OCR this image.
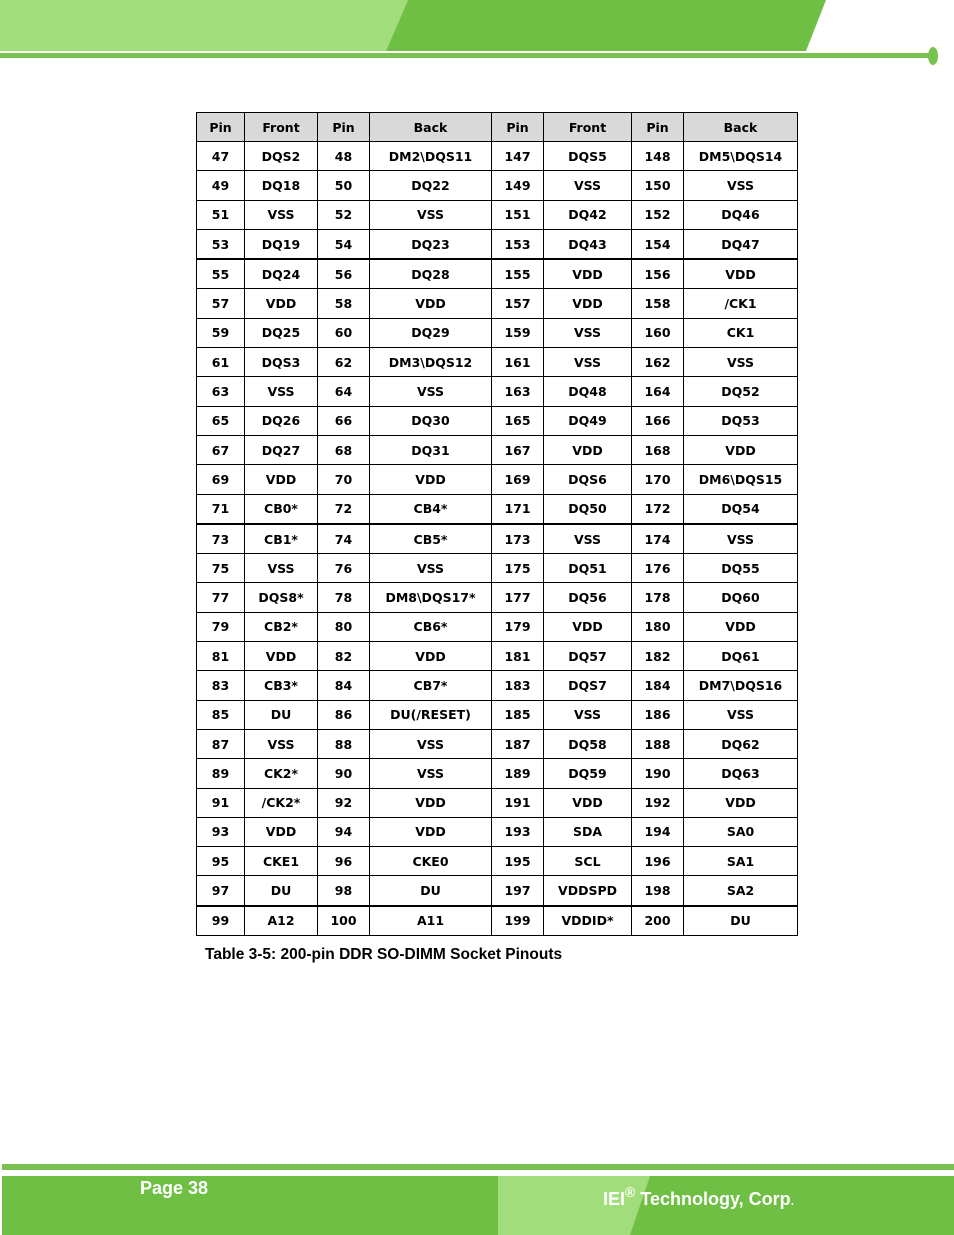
Pin	Front	Pin	Back	Pin	Front	Pin	Back
47	DQS2	48	DM2\DQS11	147	DQS5	148	DM5\DQS14
49	DQ18	50	DQ22	149	VSS	150	VSS
51	VSS	52	VSS	151	DQ42	152	DQ46
53	DQ19	54	DQ23	153	DQ43	154	DQ47
55	DQ24	56	DQ28	155	VDD	156	VDD
57	VDD	58	VDD	157	VDD	158	/CK1
59	DQ25	60	DQ29	159	VSS	160	CK1
61	DQS3	62	DM3\DQS12	161	VSS	162	VSS
63	VSS	64	VSS	163	DQ48	164	DQ52
65	DQ26	66	DQ30	165	DQ49	166	DQ53
67	DQ27	68	DQ31	167	VDD	168	VDD
69	VDD	70	VDD	169	DQS6	170	DM6\DQS15
71	CB0*	72	CB4*	171	DQ50	172	DQ54
73	CB1*	74	CB5*	173	VSS	174	VSS
75	VSS	76	VSS	175	DQ51	176	DQ55
77	DQS8*	78	DM8\DQS17*	177	DQ56	178	DQ60
79	CB2*	80	CB6*	179	VDD	180	VDD
81	VDD	82	VDD	181	DQ57	182	DQ61
83	CB3*	84	CB7*	183	DQS7	184	DM7\DQS16
85	DU	86	DU(/RESET)	185	VSS	186	VSS
87	VSS	88	VSS	187	DQ58	188	DQ62
89	CK2*	90	VSS	189	DQ59	190	DQ63
91	/CK2*	92	VDD	191	VDD	192	VDD
93	VDD	94	VDD	193	SDA	194	SA0
95	CKE1	96	CKE0	195	SCL	196	SA1
97	DU	98	DU	197	VDDSPD	198	SA2
99	A12	100	A11	199	VDDID*	200	DU
Table 3-5: 200-pin DDR SO-DIMM Socket Pinouts
Page 38
IEI® Technology, Corp.
